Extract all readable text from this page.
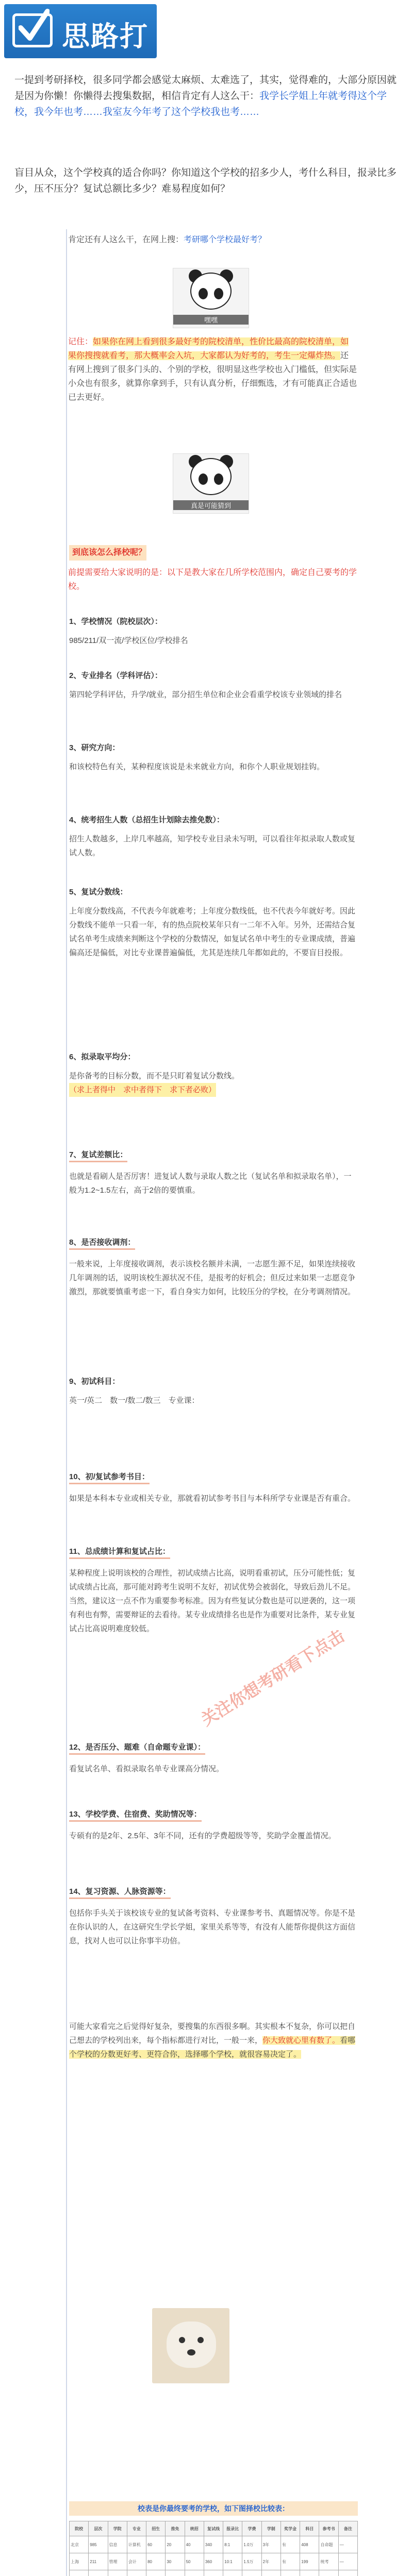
思路打
一提到考研择校，很多同学都会感觉太麻烦、太难选了，其实，觉得难的，大部分原因就是因为你懒！你懒得去搜集数据，相信肯定有人这么干：我学长学姐上年就考得这个学校，我今年也考……我室友今年考了这个学校我也考……
盲目从众，这个学校真的适合你吗？你知道这个学校的招多少人，考什么科目，报录比多少，压不压分？复试总额比多少？难易程度如何？
肯定还有人这么干，在网上搜：考研哪个学校最好考？
嘿嘿
记住：如果你在网上看到很多最好考的院校清单，性价比最高的院校清单，如果你搜搜就看考，那大概率会入坑，大家都认为好考的，考生一定爆炸热。还有网上搜到了很多门头的、个别的学校，很明显这些学校也入门槛低，但实际是小众也有很多，就算你拿到手，只有认真分析，仔细甄选，才有可能真正合适也已去更好。
真是可能猜到
到底该怎么择校呢？
前提需要给大家说明的是：以下是教大家在几所学校范围内，确定自己要考的学校。
1、学校情况（院校层次）：
985/211/双一流/学校区位/学校排名
2、专业排名（学科评估）：
第四轮学科评估，升学/就业，部分招生单位和企业会看重学校该专业领域的排名
3、研究方向：
和该校特色有关，某种程度该说是未来就业方向，和你个人职业规划挂钩。
4、统考招生人数（总招生计划除去推免数）：
招生人数越多，上岸几率越高，知学校专业目录未写明，可以看往年拟录取人数或复试人数。
5、复试分数线：
上年度分数线高，不代表今年就难考；上年度分数线低，也不代表今年就好考。因此分数线不能单一只看一年，有的热点院校某年只有一二年不入年。另外，还需结合复试名单考生成绩来判断这个学校的分数情况，如复试名单中考生的专业课成绩，普遍偏高还是偏低，对比专业课普遍偏低，尤其是连续几年都如此的，不要盲目投报。
6、拟录取平均分：
是你备考的目标分数，而不是只盯着复试分数线。
（求上者得中　求中者得下　求下者必败）
7、复试差额比：
也就是看刷人是否厉害！进复试人数与录取人数之比（复试名单和拟录取名单），一般为1.2~1.5左右，高于2倍的要慎重。
8、是否接收调剂：
一般来说，上年度接收调剂，表示该校名额并未满，一志愿生源不足，如果连续接收几年调剂的话，说明该校生源状况不佳，是报考的好机会；但反过来如果一志愿竞争激烈，那就要慎重考虑一下，看自身实力如何，比较压分的学校，在分考调剂情况。
9、初试科目：
英一/英二　数一/数二/数三　专业课：
10、初/复试参考书目：
如果是本科本专业或相关专业，那就看初试参考书目与本科所学专业课是否有重合。
11、总成绩计算和复试占比：
某种程度上说明该校的合理性，初试成绩占比高，说明看重初试，压分可能性低；复试成绩占比高，那可能对跨考生说明不友好，初试优势会被弱化，导致后劲儿不足。当然，建议这一点不作为重要参考标准。因为有些复试分数也是可以逆袭的，这一项有利也有弊，需要辩证的去看待。某专业成绩排名也是作为重要对比条件，某专业复试占比高说明难度较低。
12、是否压分、题难（自命题专业课）：
看复试名单、看拟录取名单专业课高分情况。
13、学校学费、住宿费、奖助情况等：
专硕有的是2年、2.5年、3年不同，还有的学费超级等等，奖助学金覆盖情况。
14、复习资源、人脉资源等：
包括你手头关于该校该专业的复试备考资料、专业课参考书、真题情况等。你是不是在你认识的人，在这研究生学长学姐，家里关系等等，有没有人能帮你提供这方面信息，找对人也可以让你事半功倍。
可能大家看完之后觉得好复杂，要搜集的东西很多啊。其实根本不复杂，你可以把自己想去的学校列出来，每个指标都进行对比，一般一来，你大致就心里有数了。看哪个学校的分数更好考、更符合你，选择哪个学校，就很容易决定了。
关注你想考研看下点击
校表是你最终要考的学校，如下图择校比较表：
院校	层次	学院	专业	招生	推免	统招	复试线	报录比	学费	学制	奖学金	科目	参考书	备注
北京	985	信息	计算机	60	20	40	340	8:1	1.0万	3年	有	408	自命题	—
上海	211	管理	会计	80	30	50	360	10:1	1.5万	2年	有	199	统考	—
